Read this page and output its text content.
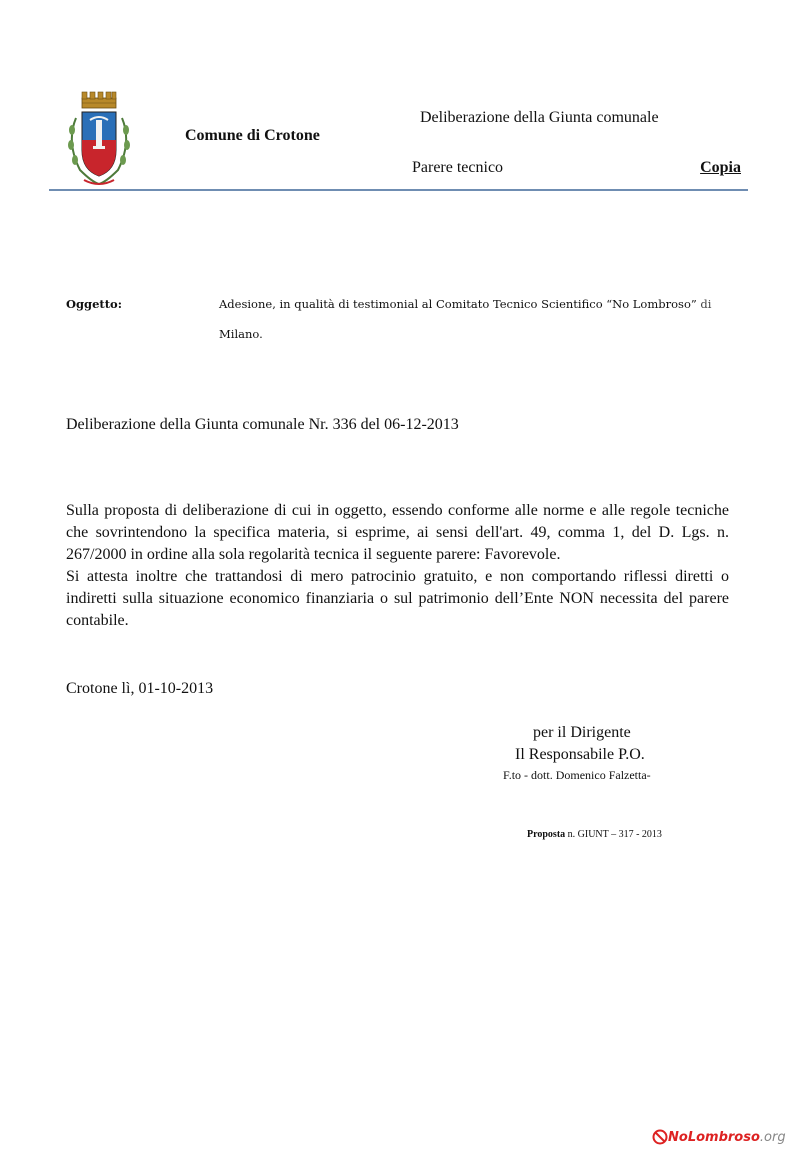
Comune di Crotone
Deliberazione della Giunta comunale
Parere tecnico	Copia
Oggetto:	Adesione, in qualità di testimonial al Comitato Tecnico Scientifico “No Lombroso” di
Milano.
Deliberazione della Giunta comunale Nr. 336 del 06-12-2013

Sulla proposta di deliberazione di cui in oggetto, essendo conforme alle norme e alle regole tecniche che sovrintendono la specifica materia, si esprime, ai sensi dell'art. 49, comma 1, del D. Lgs. n. 267/2000 in ordine alla sola regolarità tecnica il seguente parere: Favorevole.

Si attesta inoltre che trattandosi di mero patrocinio gratuito, e non comportando riflessi diretti o indiretti sulla situazione economico finanziaria o sul patrimonio dell’Ente NON necessita del parere contabile.

Crotone lì, 01-10-2013
per il Dirigente
Il Responsabile P.O.
F.to - dott. Domenico Falzetta-
Proposta n. GIUNT – 317 - 2013
No Lombroso .org
